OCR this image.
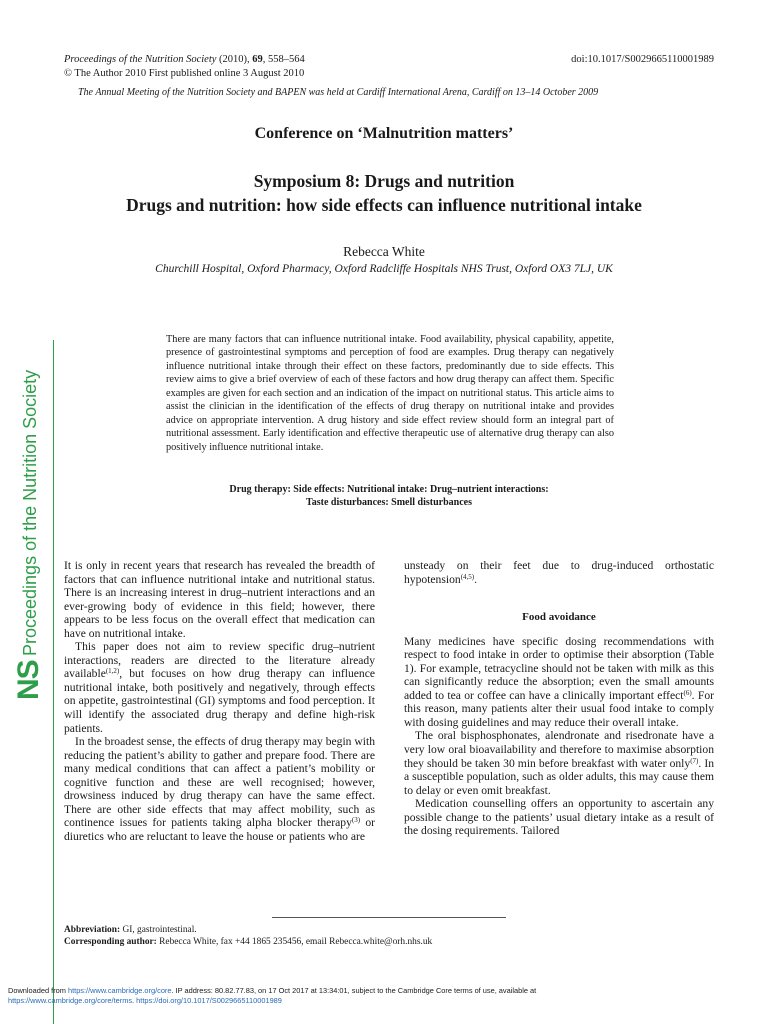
Proceedings of the Nutrition Society (2010), 69, 558–564	doi:10.1017/S0029665110001989
© The Author 2010 First published online 3 August 2010
The Annual Meeting of the Nutrition Society and BAPEN was held at Cardiff International Arena, Cardiff on 13–14 October 2009
Conference on ‘Malnutrition matters’
Symposium 8: Drugs and nutrition
Drugs and nutrition: how side effects can influence nutritional intake
Rebecca White
Churchill Hospital, Oxford Pharmacy, Oxford Radcliffe Hospitals NHS Trust, Oxford OX3 7LJ, UK
NS
Proceedings of the Nutrition Society
There are many factors that can influence nutritional intake. Food availability, physical capability, appetite, presence of gastrointestinal symptoms and perception of food are examples. Drug therapy can negatively influence nutritional intake through their effect on these factors, predominantly due to side effects. This review aims to give a brief overview of each of these factors and how drug therapy can affect them. Specific examples are given for each section and an indication of the impact on nutritional status. This article aims to assist the clinician in the identification of the effects of drug therapy on nutritional intake and provides advice on appropriate intervention. A drug history and side effect review should form an integral part of nutritional assessment. Early identification and effective therapeutic use of alternative drug therapy can also positively influence nutritional intake.
Drug therapy: Side effects: Nutritional intake: Drug–nutrient interactions:
Taste disturbances: Smell disturbances

It is only in recent years that research has revealed the breadth of factors that can influence nutritional intake and nutritional status. There is an increasing interest in drug–nutrient interactions and an ever-growing body of evidence in this field; however, there appears to be less focus on the overall effect that medication can have on nutritional intake.

This paper does not aim to review specific drug–nutrient interactions, readers are directed to the literature already available$^{(1,2)}$, but focuses on how drug therapy can influence nutritional intake, both positively and negatively, through effects on appetite, gastrointestinal (GI) symptoms and food perception. It will identify the associated drug therapy and define high-risk patients.

In the broadest sense, the effects of drug therapy may begin with reducing the patient’s ability to gather and prepare food. There are many medical conditions that can affect a patient’s mobility or cognitive function and these are well recognised; however, drowsiness induced by drug therapy can have the same effect. There are other side effects that may affect mobility, such as continence issues for patients taking alpha blocker therapy$^{(3)}$ or diuretics who are reluctant to leave the house or patients who are

unsteady on their feet due to drug-induced orthostatic hypotension$^{(4,5)}$.

Food avoidance

Many medicines have specific dosing recommendations with respect to food intake in order to optimise their absorption (Table 1). For example, tetracycline should not be taken with milk as this can significantly reduce the absorption; even the small amounts added to tea or coffee can have a clinically important effect$^{(6)}$. For this reason, many patients alter their usual food intake to comply with dosing guidelines and may reduce their overall intake.

The oral bisphosphonates, alendronate and risedronate have a very low oral bioavailability and therefore to maximise absorption they should be taken 30 min before breakfast with water only$^{(7)}$. In a susceptible population, such as older adults, this may cause them to delay or even omit breakfast.

Medication counselling offers an opportunity to ascertain any possible change to the patients’ usual dietary intake as a result of the dosing requirements. Tailored

Abbreviation: GI, gastrointestinal.
Corresponding author: Rebecca White, fax +44 1865 235456, email Rebecca.white@orh.nhs.uk
Downloaded from https://www.cambridge.org/core. IP address: 80.82.77.83, on 17 Oct 2017 at 13:34:01, subject to the Cambridge Core terms of use, available at
https://www.cambridge.org/core/terms. https://doi.org/10.1017/S0029665110001989
